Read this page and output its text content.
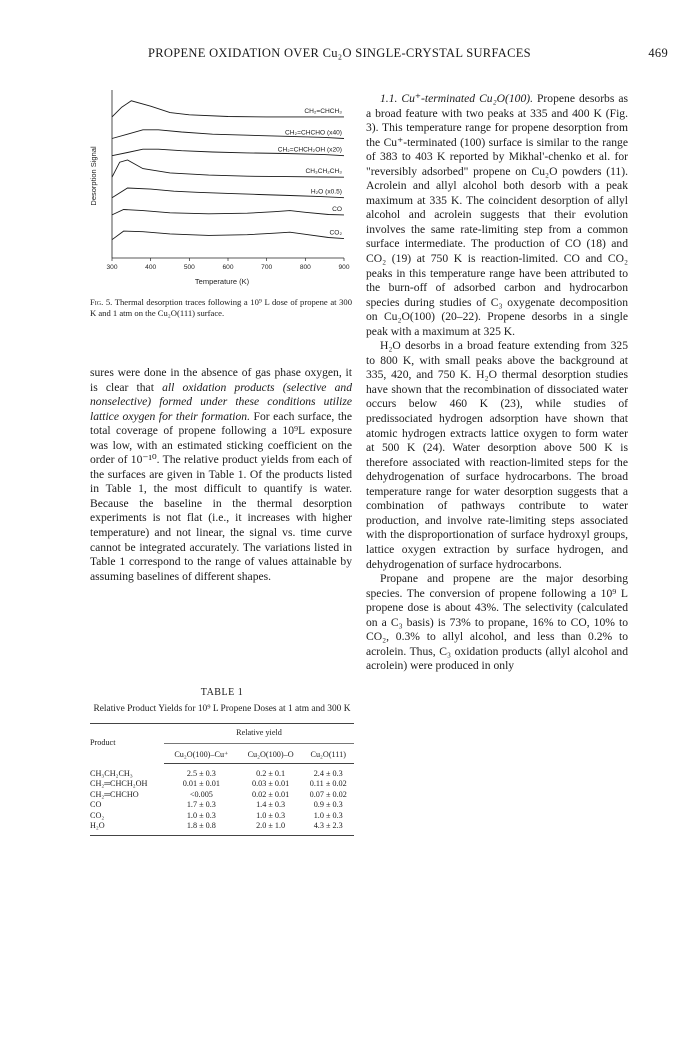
PROPENE OXIDATION OVER Cu₂O SINGLE-CRYSTAL SURFACES	469
CH₂=CHCH₃
CH₂=CHCHO (x40)
CH₂=CHCH₂OH (x20)
CH₃CH₂CH₃
H₂O (x0.5)
CO
CO₂
300	400	500	600	700	800	900
Desorption Signal
Temperature (K)
Fig. 5. Thermal desorption traces following a 10⁹ L dose of propene at 300 K and 1 atm on the Cu₂O(111) surface.

sures were done in the absence of gas phase oxygen, it is clear that all oxidation products (selective and nonselective) formed under these conditions utilize lattice oxygen for their formation. For each surface, the total coverage of propene following a 10⁹L exposure was low, with an estimated sticking coefficient on the order of 10⁻¹⁰. The relative product yields from each of the surfaces are given in Table 1. Of the products listed in Table 1, the most difficult to quantify is water. Because the baseline in the thermal desorption experiments is not flat (i.e., it increases with higher temperature) and not linear, the signal vs. time curve cannot be integrated accurately. The variations listed in Table 1 correspond to the range of values attainable by assuming baselines of different shapes.

TABLE 1
Relative Product Yields for 10⁹ L Propene Doses at 1 atm and 300 K
Product	Relative yield		
	Cu₂O(100)–Cu⁺	Cu₂O(100)–O	Cu₂O(111)
CH₃CH₂CH₃	2.5 ± 0.3	0.2 ± 0.1	2.4 ± 0.3
CH₂═CHCH₂OH	0.01 ± 0.01	0.03 ± 0.01	0.11 ± 0.02
CH₂═CHCHO	<0.005	0.02 ± 0.01	0.07 ± 0.02
CO	1.7 ± 0.3	1.4 ± 0.3	0.9 ± 0.3
CO₂	1.0 ± 0.3	1.0 ± 0.3	1.0 ± 0.3
H₂O	1.8 ± 0.8	2.0 ± 1.0	4.3 ± 2.3

1.1. Cu⁺-terminated Cu₂O(100). Propene desorbs as a broad feature with two peaks at 335 and 400 K (Fig. 3). This temperature range for propene desorption from the Cu⁺-terminated (100) surface is similar to the range of 383 to 403 K reported by Mikhal'-chenko et al. for "reversibly adsorbed" propene on Cu₂O powders (11). Acrolein and allyl alcohol both desorb with a peak maximum at 335 K. The coincident desorption of allyl alcohol and acrolein suggests that their evolution involves the same rate-limiting step from a common surface intermediate. The production of CO (18) and CO₂ (19) at 750 K is reaction-limited. CO and CO₂ peaks in this temperature range have been attributed to the burn-off of adsorbed carbon and hydrocarbon species during studies of C₃ oxygenate decomposition on Cu₂O(100) (20–22). Propene desorbs in a single peak with a maximum at 325 K.

H₂O desorbs in a broad feature extending from 325 to 800 K, with small peaks above the background at 335, 420, and 750 K. H₂O thermal desorption studies have shown that the recombination of dissociated water occurs below 460 K (23), while studies of predissociated hydrogen adsorption have shown that atomic hydrogen extracts lattice oxygen to form water at 500 K (24). Water desorption above 500 K is therefore associated with reaction-limited steps for the dehydrogenation of surface hydrocarbons. The broad temperature range for water desorption suggests that a combination of pathways contribute to water production, and involve rate-limiting steps associated with the disproportionation of surface hydroxyl groups, lattice oxygen extraction by surface hydrogen, and dehydrogenation of surface hydrocarbons.

Propane and propene are the major desorbing species. The conversion of propene following a 10⁹ L propene dose is about 43%. The selectivity (calculated on a C₃ basis) is 73% to propane, 16% to CO, 10% to CO₂, 0.3% to allyl alcohol, and less than 0.2% to acrolein. Thus, C₃ oxidation products (allyl alcohol and acrolein) were produced in only
